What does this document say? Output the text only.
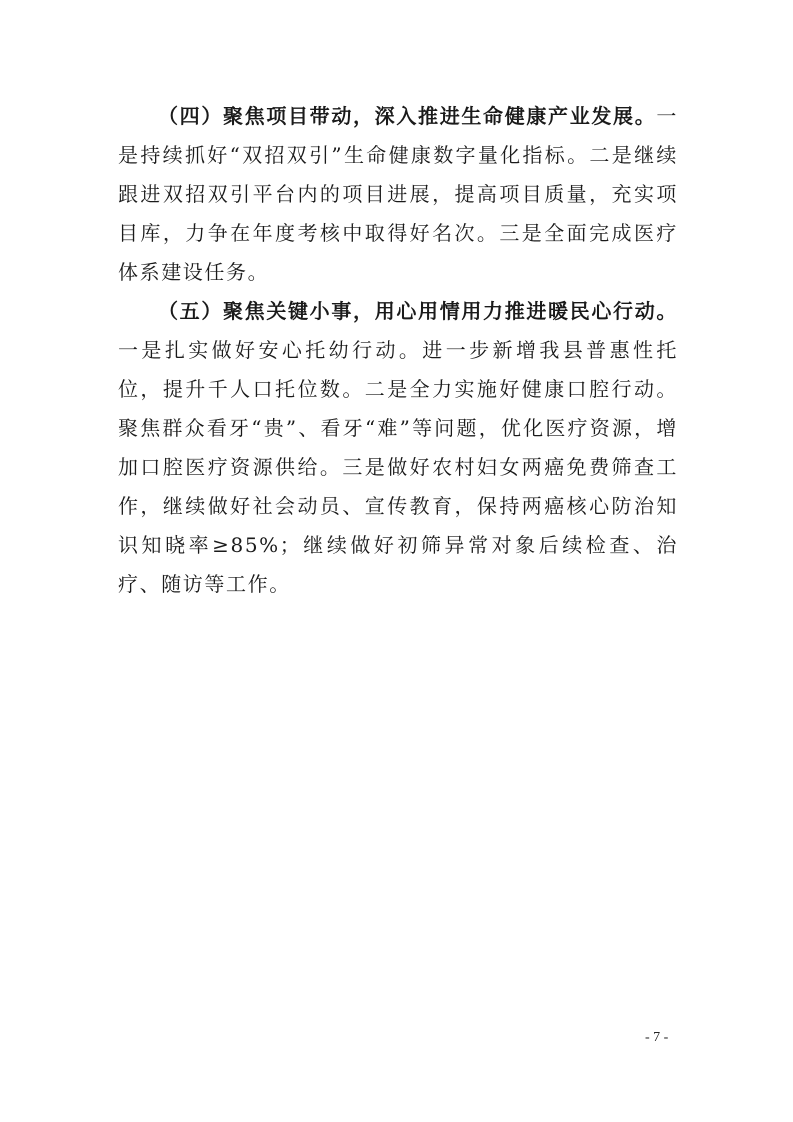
（四）聚焦项目带动，深入推进生命健康产业发展。一是持续抓好“双招双引”生命健康数字量化指标。二是继续跟进双招双引平台内的项目进展，提高项目质量，充实项目库，力争在年度考核中取得好名次。三是全面完成医疗体系建设任务。

（五）聚焦关键小事，用心用情用力推进暖民心行动。一是扎实做好安心托幼行动。进一步新增我县普惠性托位，提升千人口托位数。二是全力实施好健康口腔行动。聚焦群众看牙“贵”、看牙“难”等问题，优化医疗资源，增加口腔医疗资源供给。三是做好农村妇女两癌免费筛查工作，继续做好社会动员、宣传教育，保持两癌核心防治知识知晓率≥85%；继续做好初筛异常对象后续检查、治疗、随访等工作。

- 7 -
